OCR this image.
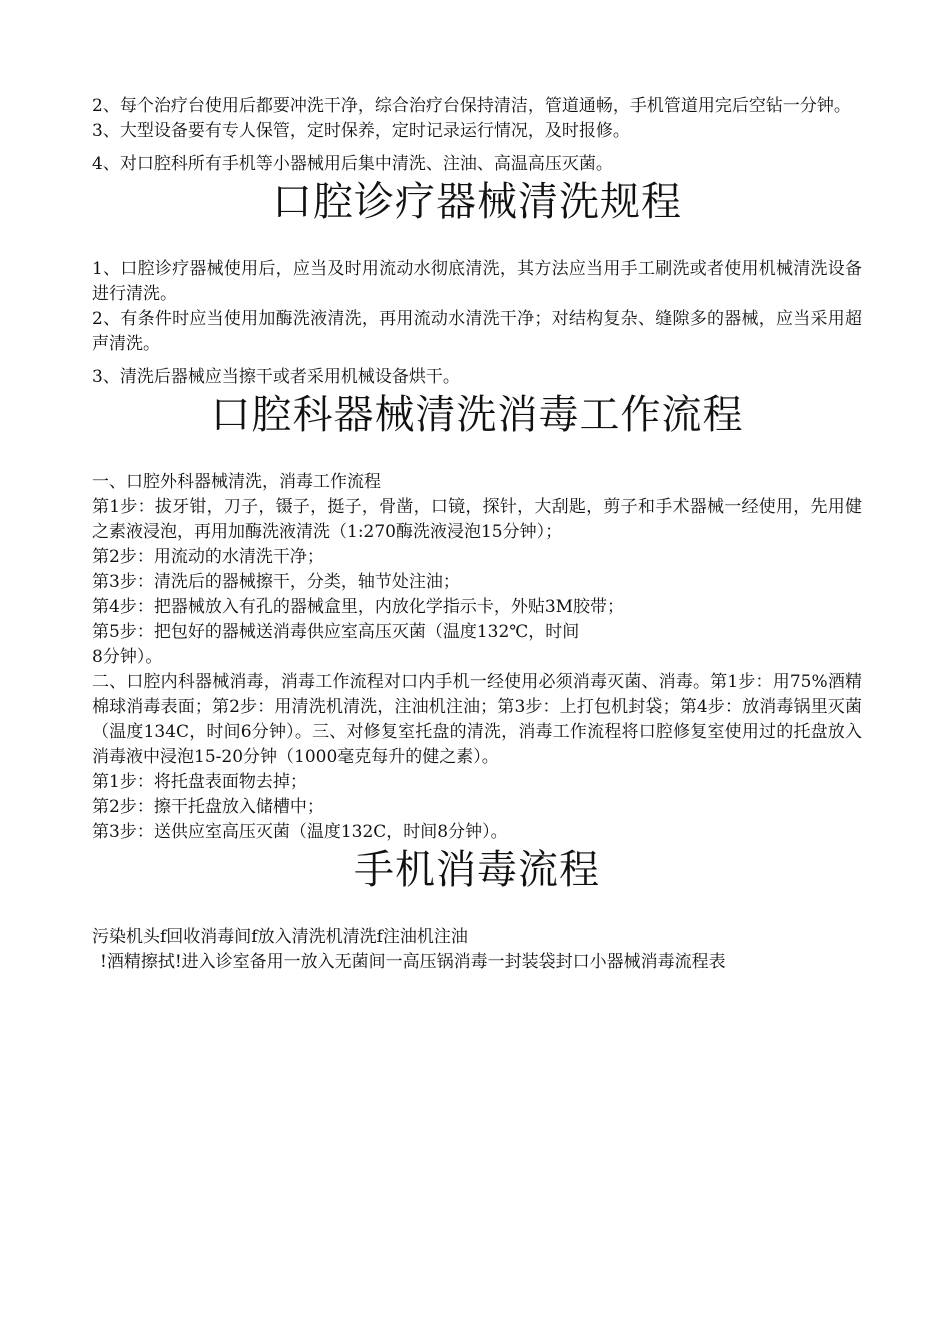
2、每个治疗台使用后都要冲洗干净，综合治疗台保持清洁，管道通畅，手机管道用完后空钻一分钟。

3、大型设备要有专人保管，定时保养，定时记录运行情况，及时报修。

4、对口腔科所有手机等小器械用后集中清洗、注油、高温高压灭菌。

口腔诊疗器械清洗规程

1、口腔诊疗器械使用后，应当及时用流动水彻底清洗，其方法应当用手工刷洗或者使用机械清洗设备进行清洗。

2、有条件时应当使用加酶洗液清洗，再用流动水清洗干净；对结构复杂、缝隙多的器械，应当采用超声清洗。

3、清洗后器械应当擦干或者采用机械设备烘干。

口腔科器械清洗消毒工作流程

一、口腔外科器械清洗，消毒工作流程

第1步：拔牙钳，刀子，镊子，挺子，骨凿，口镜，探针，大刮匙，剪子和手术器械一经使用，先用健之素液浸泡，再用加酶洗液清洗（1:270酶洗液浸泡15分钟）；

第2步：用流动的水清洗干净；

第3步：清洗后的器械擦干，分类，轴节处注油；

第4步：把器械放入有孔的器械盒里，内放化学指示卡，外贴3M胶带；

第5步：把包好的器械送消毒供应室高压灭菌（温度132℃，时间

8分钟）。

二、口腔内科器械消毒，消毒工作流程对口内手机一经使用必须消毒灭菌、消毒。第1步：用75%酒精棉球消毒表面；第2步：用清洗机清洗，注油机注油；第3步：上打包机封袋；第4步：放消毒锅里灭菌（温度134C，时间6分钟）。三、对修复室托盘的清洗，消毒工作流程将口腔修复室使用过的托盘放入消毒液中浸泡15-20分钟（1000毫克每升的健之素）。

第1步：将托盘表面物去掉；

第2步：擦干托盘放入储槽中；

第3步：送供应室高压灭菌（温度132C，时间8分钟）。

手机消毒流程

污染机头f回收消毒间f放入清洗机清洗f注油机注油

!酒精擦拭!进入诊室备用一放入无菌间一高压锅消毒一封装袋封口小器械消毒流程表
